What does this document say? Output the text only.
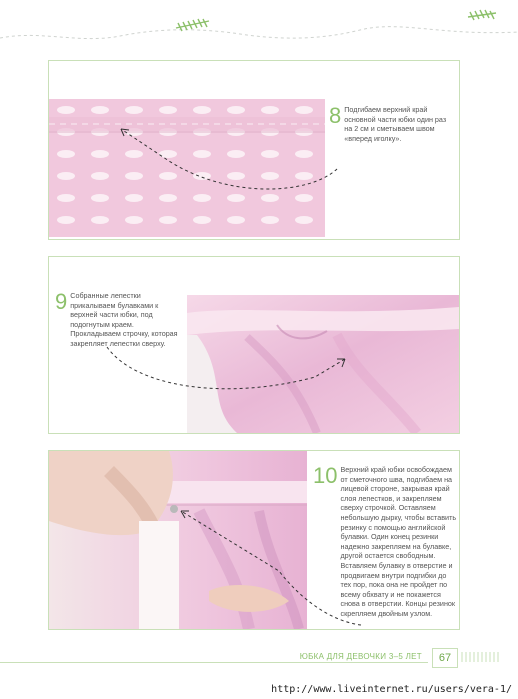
8 Подгибаем верхний край основной части юбки один раз на 2 см и сметываем швом «вперед иголку».
9 Собранные лепестки прикалываем булавками к верхней части юбки, под подогнутым краем. Прокладываем строчку, которая закрепляет лепестки сверху.
10 Верхний край юбки освобождаем от сметочного шва, подгибаем на лицевой стороне, закрывая край слоя лепестков, и закрепляем сверху строчкой. Оставляем небольшую дырку, чтобы вставить резинку с помощью английской булавки. Один конец резинки надежно закрепляем на булавке, другой остается свободным. Вставляем булавку в отверстие и продвигаем внутри подгибки до тех пор, пока она не пройдет по всему обхвату и не покажется снова в отверстии. Концы резинок скрепляем двойным узлом.
ЮБКА ДЛЯ ДЕВОЧКИ 3–5 ЛЕТ	67
http://www.liveinternet.ru/users/vera-1/
